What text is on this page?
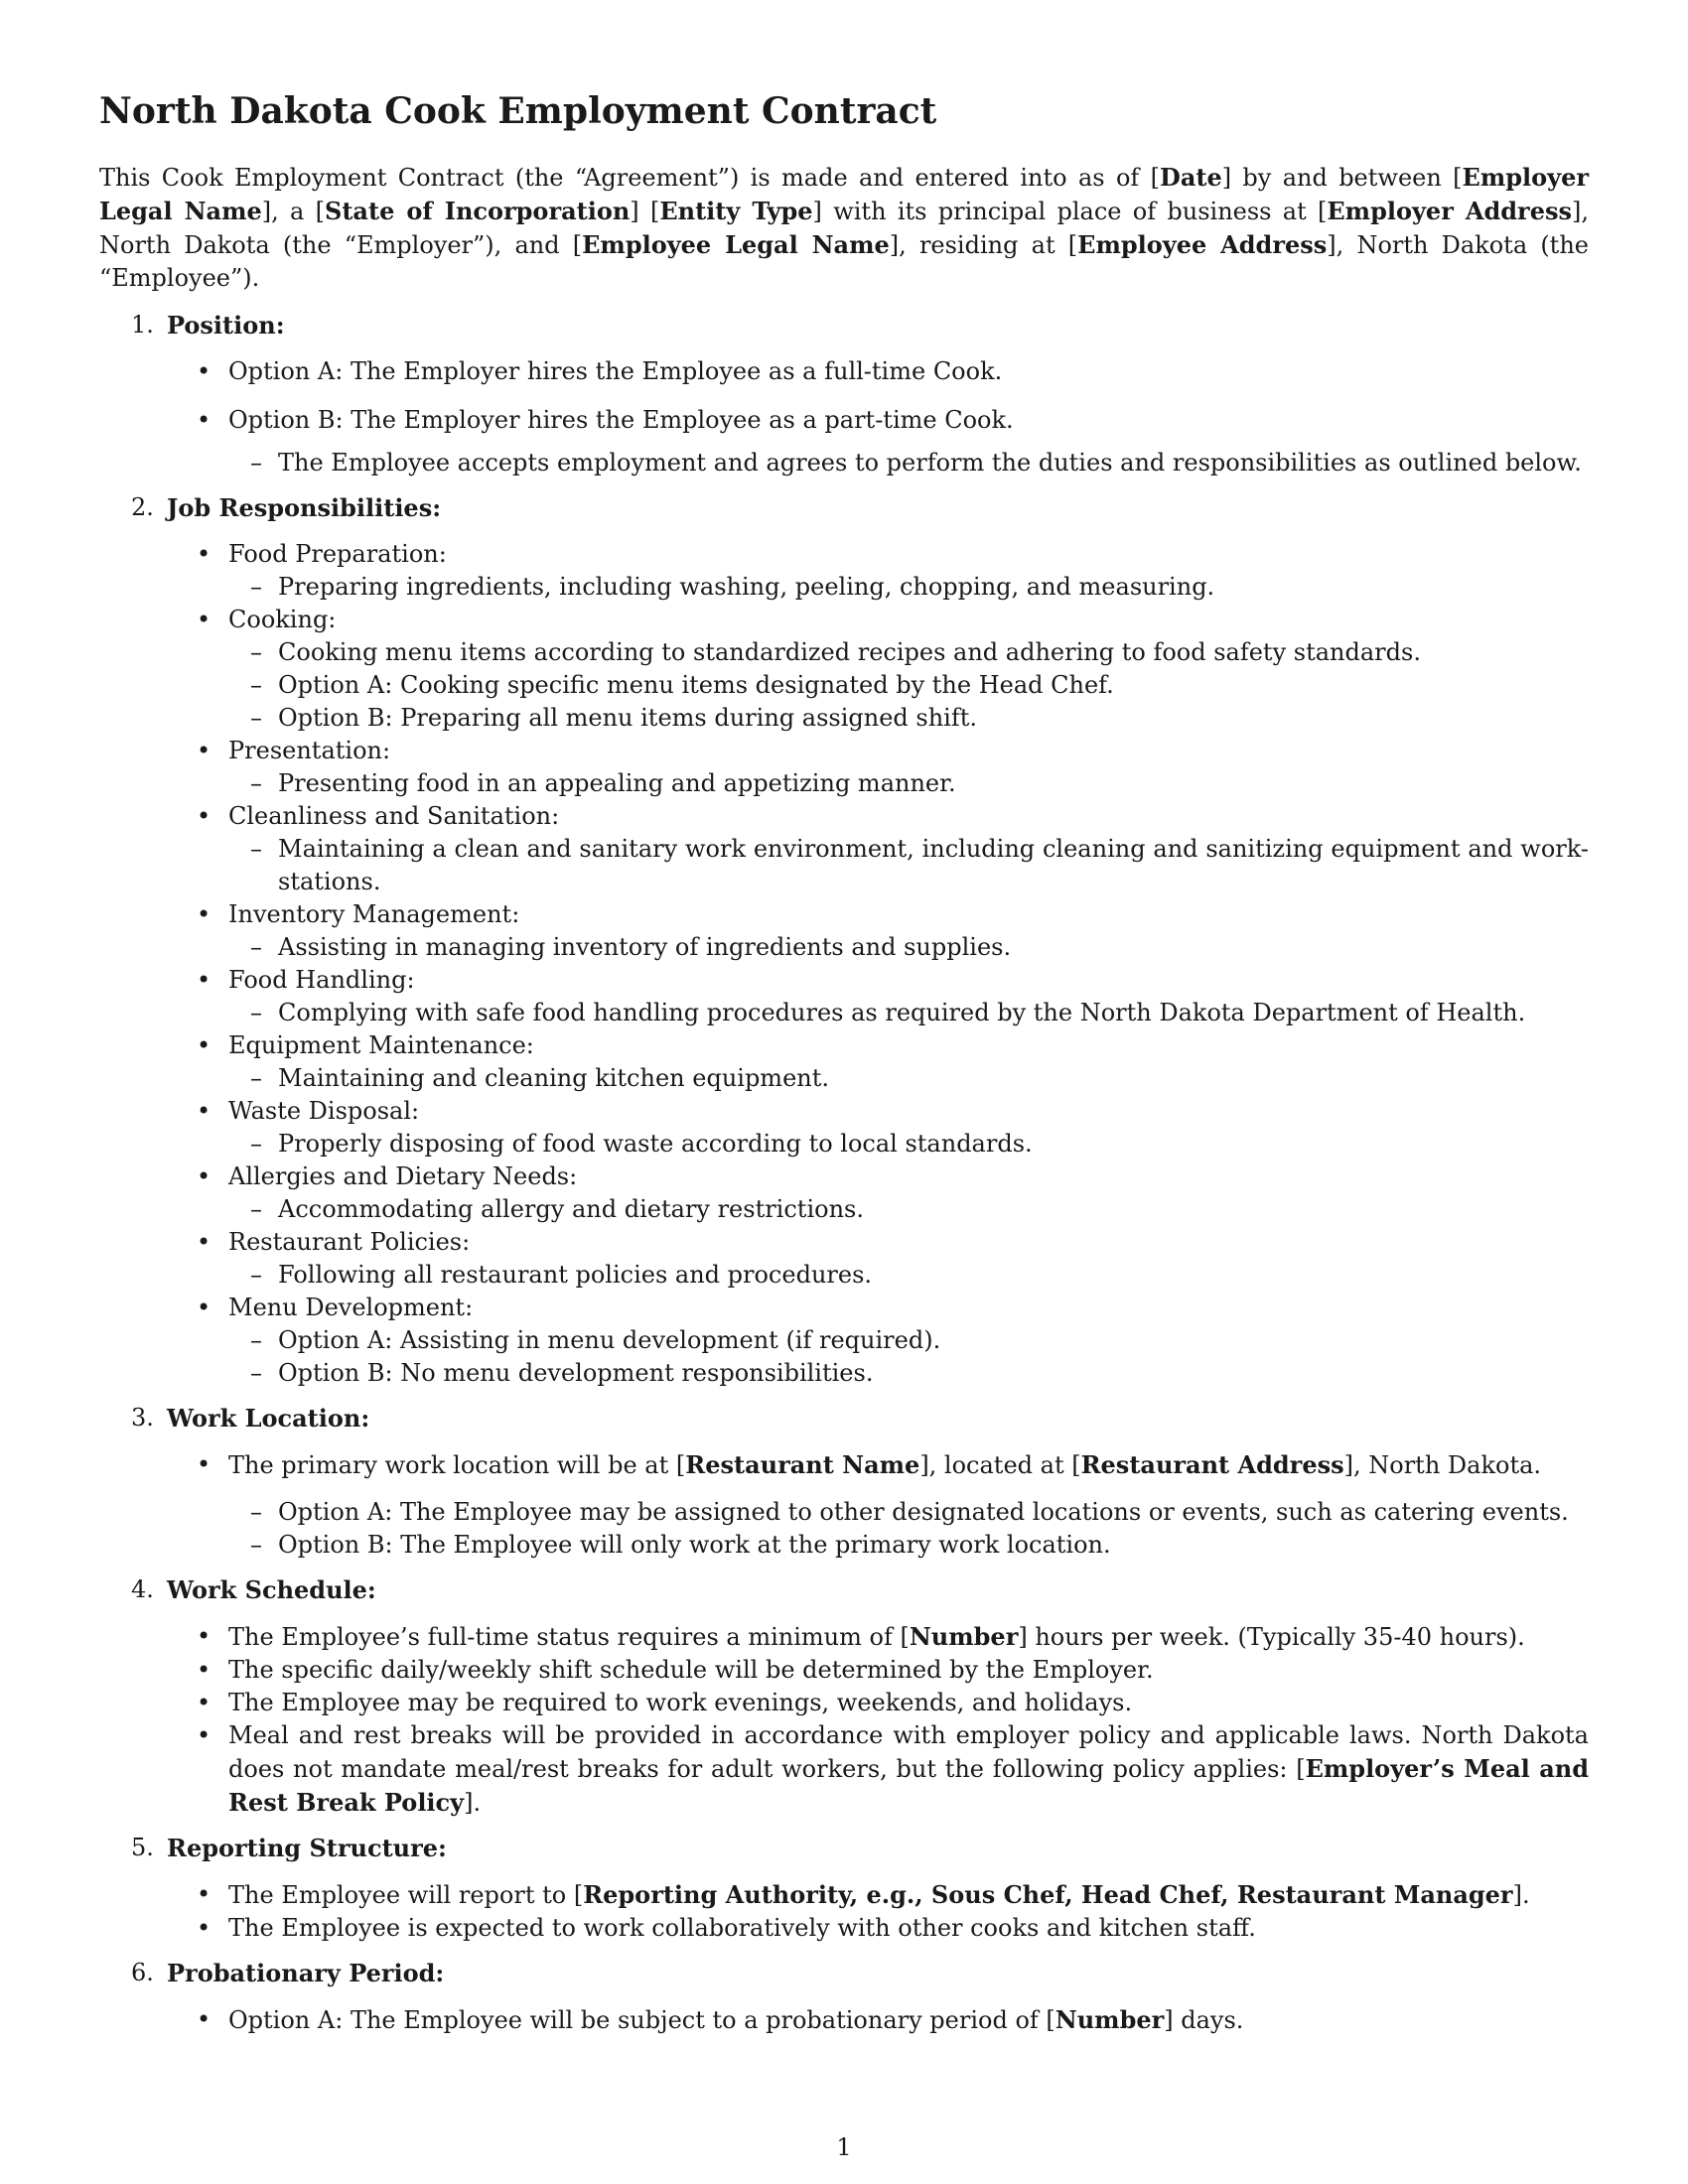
North Dakota Cook Employment Contract

This Cook Employment Contract (the “Agreement”) is made and entered into as of [Date] by and between [Employer Legal Name], a [State of Incorporation] [Entity Type] with its principal place of business at [Employer Address], North Dakota (the “Employer”), and [Employee Legal Name], residing at [Employee Address], North Dakota (the “Employee”).

1. Position:
• Option A: The Employer hires the Employee as a full-time Cook.
• Option B: The Employer hires the Employee as a part-time Cook.
– The Employee accepts employment and agrees to perform the duties and responsibilities as outlined below.
2. Job Responsibilities:
• Food Preparation:
– Preparing ingredients, including washing, peeling, chopping, and measuring.
• Cooking:
– Cooking menu items according to standardized recipes and adhering to food safety standards.
– Option A: Cooking specific menu items designated by the Head Chef.
– Option B: Preparing all menu items during assigned shift.
• Presentation:
– Presenting food in an appealing and appetizing manner.
• Cleanliness and Sanitation:
– Maintaining a clean and sanitary work environment, including cleaning and sanitizing equipment and work-stations.
• Inventory Management:
– Assisting in managing inventory of ingredients and supplies.
• Food Handling:
– Complying with safe food handling procedures as required by the North Dakota Department of Health.
• Equipment Maintenance:
– Maintaining and cleaning kitchen equipment.
• Waste Disposal:
– Properly disposing of food waste according to local standards.
• Allergies and Dietary Needs:
– Accommodating allergy and dietary restrictions.
• Restaurant Policies:
– Following all restaurant policies and procedures.
• Menu Development:
– Option A: Assisting in menu development (if required).
– Option B: No menu development responsibilities.
3. Work Location:
• The primary work location will be at [Restaurant Name], located at [Restaurant Address], North Dakota.
– Option A: The Employee may be assigned to other designated locations or events, such as catering events.
– Option B: The Employee will only work at the primary work location.
4. Work Schedule:
• The Employee’s full-time status requires a minimum of [Number] hours per week. (Typically 35-40 hours).
• The specific daily/weekly shift schedule will be determined by the Employer.
• The Employee may be required to work evenings, weekends, and holidays.
• Meal and rest breaks will be provided in accordance with employer policy and applicable laws. North Dakota does not mandate meal/rest breaks for adult workers, but the following policy applies: [Employer’s Meal and Rest Break Policy].
5. Reporting Structure:
• The Employee will report to [Reporting Authority, e.g., Sous Chef, Head Chef, Restaurant Manager].
• The Employee is expected to work collaboratively with other cooks and kitchen staff.
6. Probationary Period:
• Option A: The Employee will be subject to a probationary period of [Number] days.
1
